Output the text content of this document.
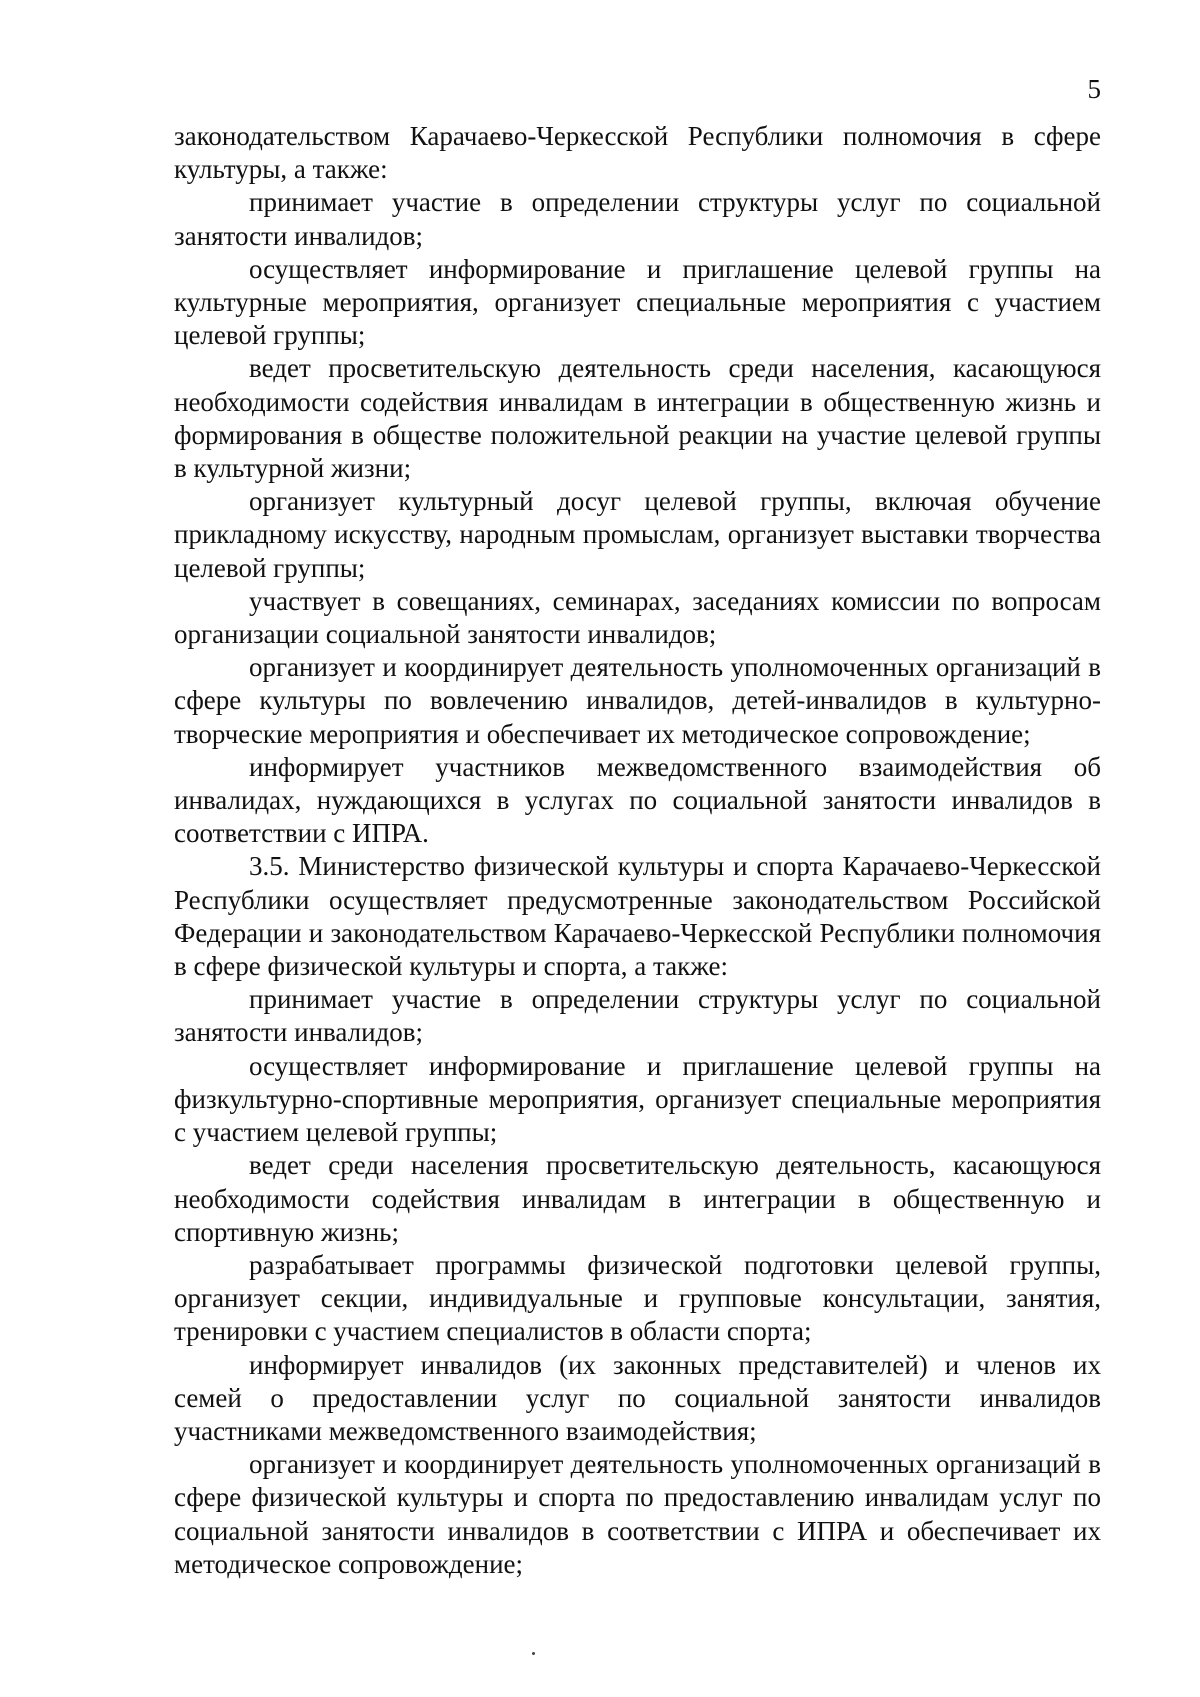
5

законодательством Карачаево-Черкесской Республики полномочия в сфере культуры, а также:

принимает участие в определении структуры услуг по социальной занятости инвалидов;

осуществляет информирование и приглашение целевой группы на культурные мероприятия, организует специальные мероприятия с участием целевой группы;

ведет просветительскую деятельность среди населения, касающуюся необходимости содействия инвалидам в интеграции в общественную жизнь и формирования в обществе положительной реакции на участие целевой группы в культурной жизни;

организует культурный досуг целевой группы, включая обучение прикладному искусству, народным промыслам, организует выставки творчества целевой группы;

участвует в совещаниях, семинарах, заседаниях комиссии по вопросам организации социальной занятости инвалидов;

организует и координирует деятельность уполномоченных организаций в сфере культуры по вовлечению инвалидов, детей-инвалидов в культурно-творческие мероприятия и обеспечивает их методическое сопровождение;

информирует участников межведомственного взаимодействия об инвалидах, нуждающихся в услугах по социальной занятости инвалидов в соответствии с ИПРА.

3.5. Министерство физической культуры и спорта Карачаево-Черкесской Республики осуществляет предусмотренные законодательством Российской Федерации и законодательством Карачаево-Черкесской Республики полномочия в сфере физической культуры и спорта, а также:

принимает участие в определении структуры услуг по социальной занятости инвалидов;

осуществляет информирование и приглашение целевой группы на физкультурно-спортивные мероприятия, организует специальные мероприятия с участием целевой группы;

ведет среди населения просветительскую деятельность, касающуюся необходимости содействия инвалидам в интеграции в общественную и спортивную жизнь;

разрабатывает программы физической подготовки целевой группы, организует секции, индивидуальные и групповые консультации, занятия, тренировки с участием специалистов в области спорта;

информирует инвалидов (их законных представителей) и членов их семей о предоставлении услуг по социальной занятости инвалидов участниками межведомственного взаимодействия;

организует и координирует деятельность уполномоченных организаций в сфере физической культуры и спорта по предоставлению инвалидам услуг по социальной занятости инвалидов в соответствии с ИПРА и обеспечивает их методическое сопровождение;
